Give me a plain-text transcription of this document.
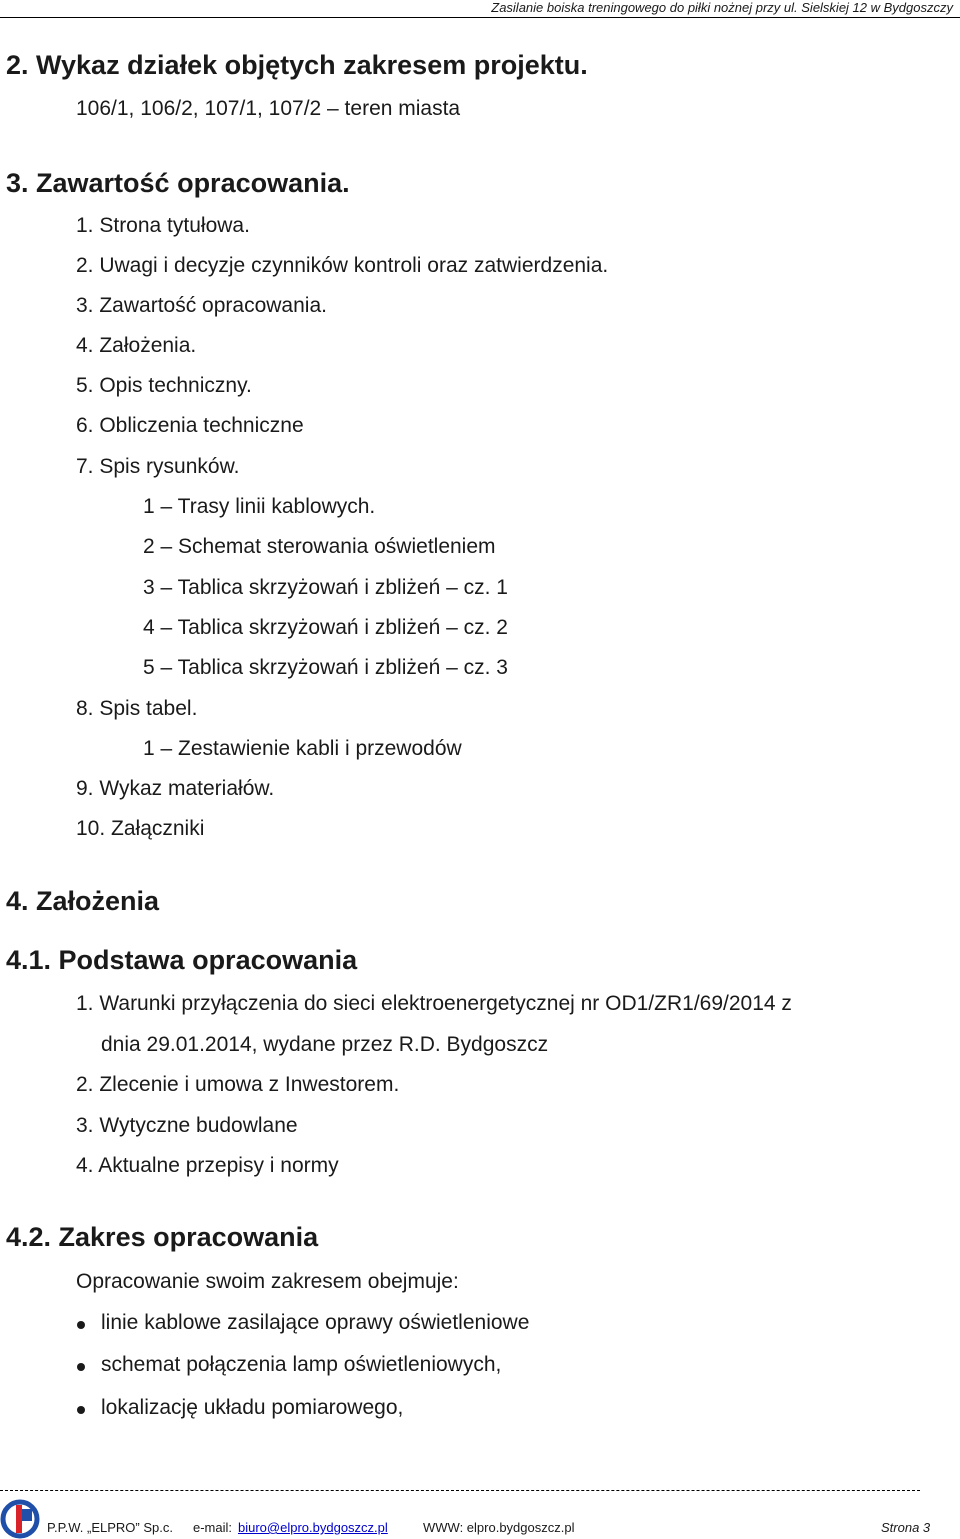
Zasilanie boiska treningowego do piłki nożnej przy ul. Sielskiej 12 w Bydgoszczy
2. Wykaz działek objętych zakresem projektu.
106/1, 106/2, 107/1, 107/2 – teren miasta
3. Zawartość opracowania.
1. Strona tytułowa.
2. Uwagi i decyzje czynników kontroli oraz zatwierdzenia.
3. Zawartość opracowania.
4. Założenia.
5. Opis techniczny.
6. Obliczenia techniczne
7. Spis rysunków.
1 – Trasy linii kablowych.
2 – Schemat sterowania oświetleniem
3 – Tablica skrzyżowań i zbliżeń – cz. 1
4 – Tablica skrzyżowań i zbliżeń – cz. 2
5 – Tablica skrzyżowań i zbliżeń – cz. 3
8. Spis tabel.
1 – Zestawienie kabli i przewodów
9. Wykaz materiałów.
10. Załączniki
4. Założenia
4.1. Podstawa opracowania
1. Warunki przyłączenia do sieci elektroenergetycznej nr OD1/ZR1/69/2014 z
dnia 29.01.2014, wydane przez R.D. Bydgoszcz
2. Zlecenie i umowa z Inwestorem.
3. Wytyczne budowlane
4. Aktualne przepisy i normy
4.2. Zakres opracowania
Opracowanie swoim zakresem obejmuje:
linie kablowe zasilające oprawy oświetleniowe
schemat połączenia lamp oświetleniowych,
lokalizację układu pomiarowego,
P.P.W. „ELPRO” Sp.c. e-mail: biuro@elpro.bydgoszcz.pl	WWW: elpro.bydgoszcz.pl	Strona 3
